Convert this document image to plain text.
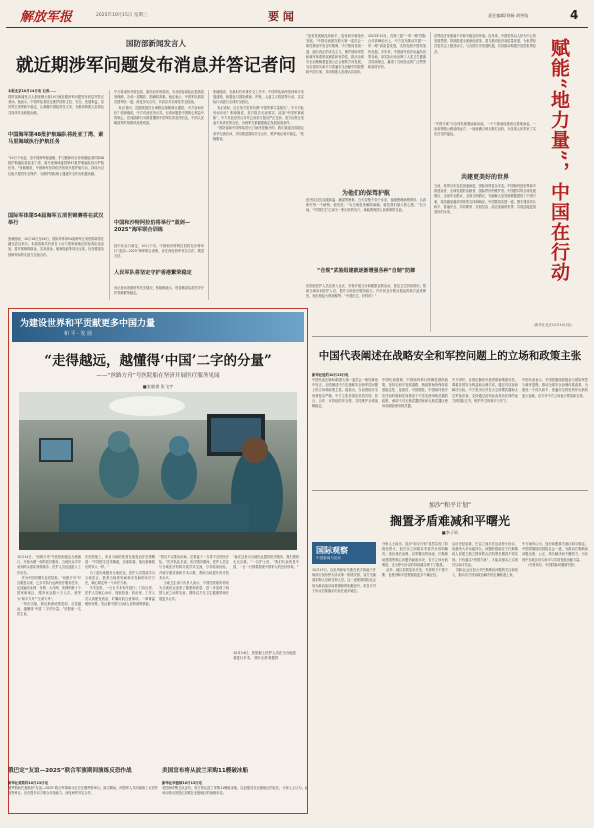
解放军报	2025年10月15日 星期三	要 闻	责任编辑/刘畅 胡笑晗	4
国防部新闻发言人
就近期涉军问题发布消息并答记者问
本报北京10月14日电 记者……
国防部新闻发言人张晓刚大校14日就近期涉军问题发布消息并答记者问。他表示，中国军队将坚定维护国家主权、安全、发展利益，坚决捍卫世界和平稳定，认真履行国际责任义务，为推动构建人类命运共同体作出积极贡献。
中国海军第48批护航编队将赴亚丁湾、索马里海域执行护航任务
“10月下旬起，由中国海军驱逐舰、护卫舰和综合补给舰组成的第48批护航编队将赴亚丁湾、索马里海域接替第47批护航编队执行护航任务。”张晓刚说，中国海军坚持依法依规开展护航行动，持续为过往船只提供安全保护，为维护国际海上通道安全作出积极贡献。
国际军体第54届海军五项世锦赛将在武汉举行
张晓刚说，10月18日至26日，国际军体第54届海军五项世锦赛将在湖北武汉举行。本届赛事共有来自十余个国家和地区的参赛队伍参加，将开展障碍游泳、实用游泳、航海技能等项目比赛，旨在增进各国海军间的友谊与交流合作。
中方将秉持开放包容、团结协作的原则，为各国参赛队伍提供周到保障，办成一届精彩、圆满的赛事。他还表示，中国军队愿同各国军队一道，深化务实合作，共同应对全球性安全挑战。
有记者问，近期美国在台海附近频繁调兵遣将，中方如何评价？张晓刚说，中方对此坚决反对。台湾问题是中国核心利益中的核心，任何挑衅行为都将遭到中国军队的坚决回击，中国人民解放军时刻保持高度戒备。
中国和沙特阿拉伯将举行“蓝剑—2025”海军联合训练
经中沙双方商定，10月下旬，中国和沙特阿拉伯将在沙特举行“蓝剑—2025”海军联合训练，旨在深化两军务实合作，增进互信。
人民军队将坚定守护香港繁荣稳定
有记者问香港驻军有关情况，张晓刚表示，驻香港部队将坚决守护香港繁荣稳定。
张晓刚说，在新时代军事外交工作中，中国军队始终坚持和平发展道路，积极参与国际维和、护航、人道主义救援等行动，以实际行动践行全球安全倡议。
有记者问，近日美方发布所谓“中国军事力量报告”，中方对此有何评论？张晓刚说，美方报告无视事实，渲染“中国军事威胁”，中方对此坚决反对并已向美方提出严正交涉。美方应停止发表不负责任的言论，为两军关系健康稳定发展创造条件。
“国防部和中国军队的大门始终是敞开的，我们欢迎各国朋友来华交流访问，共同推进国际安全合作，维护地区和平稳定。”张晓刚说。
“没有发展就没有和平，没有和平就没有发展。”中国代表团在联大第一委员会一般性辩论中发言时强调，中方愿同各国一道，践行真正的多边主义，维护国际军控和裁军体系的权威性和有效性，推动全球安全治理朝着更加公正合理的方向发展，为实现持久和平与普遍安全贡献中国智慧和中国方案，共同构建人类命运共同体。
2023年10月，在第三届“一带一路”国际合作高峰论坛上，中方宣布推动共建“一带一路”高质量发展，支持发展中国家加快发展。多年来，中国援外医疗队遍布世界各地，用实际行动诠释了人类卫生健康共同体理念，赢得了当地民众的广泛赞誉和高度评价。
为他们的保驾护航
医疗队员们克服高温、潮湿等困难，白天穿梭于各个诊室，夜晚整理病例资料，认真研究每一个病例。他们说：“为当地患者解除病痛，就是我们最大的心愿。”在当地，“中国医生”已成为一张闪亮的名片，承载着两国人民深厚的友谊。
“合规”武装组建就逐渐增强各种“自制”防御
医院船医护人员还深入社区、学校开展义诊和健康宣教活动，普及卫生防疫知识，帮助当地培训医护人员，提升当地医疗服务能力。许多民众专程从很远的地方赶来就医，他们竖起大拇指称赞：“中国医生，好样的！”
世界经济发展离不开和平稳定的环境。近年来，中国坚持以人民为中心的发展思想，持续推进全面深化改革，着力推动经济高质量发展，为世界经济复苏注入强劲动力，与各国分享发展机遇，共同推动构建开放型世界经济。	赋能“地力量”，中国在行动
“中国方案”为全球发展增添新动能。一个个基础设施项目拔地而起，一条条铁路公路延伸远方，一座座港口码头繁忙运转，为各国人民带来了实实在在的福祉。
共建更美好的世界
当前，世界百年变局加速演进，国际形势复杂多变。中国始终是世界和平的建设者、全球发展的贡献者、国际秩序的维护者。中国倡导的全球发展倡议、全球安全倡议、全球文明倡议，为破解人类发展难题提供了中国方案，得到越来越多国家的支持和响应。中国愿同各国一道，携手建设持久和平、普遍安全、共同繁荣、开放包容、清洁美丽的世界，共同迎接更加美好的未来。
（新华社北京10月14日电）
为建设世界和平贡献更多中国力量
和 平 · 发 展
“走得越远，越懂得‘中国’二字的分量”
——“丝路方舟”号医院船在坚济开展医疗服务见闻
■张晓祺 张飞宇
10月14日，“丝路方舟”号医院船抵达当地港口，开始为期一周的医疗服务。当地民众早早来到码头排队等候就诊，医护人员迅速进入工作状态。
作为中国首艘专业医院船，“丝路方舟”号自服役以来，已多次执行远海医疗服务任务，足迹遍布亚洲、非洲、大洋洲、美洲的数十个国家和地区，服务民众数十万人次，被誉为“和平方舟”“生命方舟”。
“每次出航，我们都深切感受到，走得越远，越懂得‘中国’二字的分量。”医院船一名医生说。
在医院船上，来自当地的患者在接受治疗后感慨道：“中国医生技术精湛，态度和蔼，他们就像我们的家人一样。”
为了更好地服务当地民众，医护人员提前学习当地语言，熟悉当地常见病和多发病的诊疗方法，精心制定每一个诊疗方案。
手术室里，一台台手术有序进行；门诊区里，医护人员耐心问诊、细致检查；药房里，工作人员认真配发药品，叮嘱用药注意事项。一幕幕温暖的场景，见证着中国与当地人民的深厚情谊。
“我们不仅要治好病，还要留下一支带不走的医疗队。”医疗队队长说。医疗服务期间，医护人员还与当地医疗机构开展学术交流，分享临床经验，开展专题讲座和手术示教，帮助当地提升医疗技术水平。
当地卫生部门负责人表示，中国医院船的到来为当地民众送来了健康和希望，进一步加深了两国人民之间的友谊，期待双方在卫生健康领域开展更多合作。
“能在这里为当地民众提供医疗服务，我们感到无比自豪。”一名护士说，“我们代表的是中国，一言一行都要展现中国军人的良好形象。”
10月14日，医院船上医护人员在为当地患者进行手术。 照片由作者提供
中国代表阐述在战略安全和军控问题上的立场和政策主张
新华社纽约10月13日电
中国代表在第80届联大第一委员会一般性辩论中发言，全面阐述中方在战略安全和军控问题上的立场和政策主张。他指出，当前国际安全形势复杂严峻，中方主张各国应坚持共同、综合、合作、可持续的安全观，共同维护全球战略稳定。
中国代表强调，中国始终奉行防御性国防政策，坚持走和平发展道路，核政策始终保持高度稳定性、连续性、可预期性。中国始终恪守在任何时候和任何情况下不首先使用核武器的政策，承诺不对无核武器国家和无核武器区使用或威胁使用核武器。
中方呼吁，各国应摒弃冷战思维和集团对抗，尊重各国安全利益和合理关切，通过对话协商解决分歧。中方坚决反对在太空部署武器和太空军备竞赛，支持通过谈判达成具有法律约束力的国际文书，维护外空的和平与安宁。
中国代表表示，中国将继续积极参与国际军控与裁军进程，推动全球安全治理体系改革，为建设一个持久和平、普遍安全的世界作出新的更大贡献。各方对中方立场表示赞赏和支持。
加沙“和平计划”
搁置矛盾难减和平曙光
■李子昕
国际观察
中国新闻与论坛
10月13日，以色列和哈马斯在美方斡旋下开始执行加沙停火协议第一阶段安排，双方交换被扣押人员和在押人员。这一进展被国际社会视为推动加沙局势缓和的积极信号，但各方对于协议后续落实仍存在诸多疑虑。
分析人士指出，加沙“和平计划”虽然实现了阶段性停火，但巴以之间根本矛盾并未得到解决。加沙战后治理、以军撤出时间表、巴勒斯坦建国等核心问题仍悬而未决，各方立场分歧明显，这为停火协议的持续落实埋下了隐患。
此外，地区局势复杂多变，外部势力干预不断，也使得和平进程面临更多不确定性。
从历史经验看，巴以之间多次达成停火协议，但最终大多未能持久。问题的根源在于巴勒斯坦人民建立独立国家的合法权利长期得不到实现。只有落实“两国方案”，才能从根本上实现巴以和平共处。
国际社会应加大对巴勒斯坦问题的关注和投入，推动各方回到政治解决的正确轨道上来。
中方始终认为，加沙问题事关地区和平稳定。中国将继续同国际社会一道，为推动巴勒斯坦问题全面、公正、持久解决而不懈努力，为实现中东地区持久和平与共同发展贡献力量。
（作者单位：中国国际问题研究院）
俄巴定“友谊—2025”联合军演期间演练反恐作战
新华社莫斯科10月13日电
俄罗斯和巴基斯坦“友谊—2025”联合军事演习近日在俄罗斯举行。演习期间，两国军人共同演练了反恐作战等科目，旨在提升双方联合作战能力，深化两军务实合作。
美国宣布将从波兰采购11艘破冰船
新华社华盛顿10月13日电
美国海岸警卫队宣布，美方将从波兰采购11艘破冰船，以加强其在北极地区的存在。分析人士认为，此举反映出美国正加紧在北极地区的战略布局。
